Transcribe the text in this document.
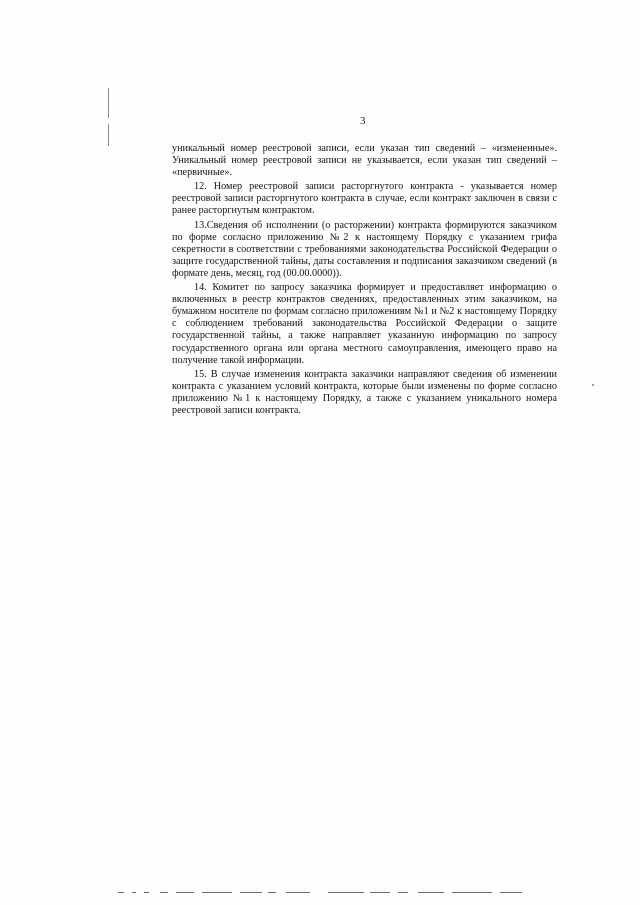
3

уникальный номер реестровой записи, если указан тип сведений – «измененные». Уникальный номер реестровой записи не указывается, если указан тип сведений – «первичные».

12. Номер реестровой записи расторгнутого контракта - указывается номер реестровой записи расторгнутого контракта в случае, если контракт заключен в связи с ранее расторгнутым контрактом.

13.Сведения об исполнении (о расторжении) контракта формируются заказчиком по форме согласно приложению №2 к настоящему Порядку с указанием грифа секретности в соответствии с требованиями законодательства Российской Федерации о защите государственной тайны, даты составления и подписания заказчиком сведений (в формате день, месяц, год (00.00.0000)).

14. Комитет по запросу заказчика формирует и предоставляет информацию о включенных в реестр контрактов сведениях, предоставленных этим заказчиком, на бумажном носителе по формам согласно приложениям №1 и №2 к настоящему Порядку с соблюдением требований законодательства Российской Федерации о защите государственной тайны, а также направляет указанную информацию по запросу государственного органа или органа местного самоуправления, имеющего право на получение такой информации.

15. В случае изменения контракта заказчики направляют сведения об изменении контракта с указанием условий контракта, которые были изменены по форме согласно приложению №1 к настоящему Порядку, а также с указанием уникального номера реестровой записи контракта.
